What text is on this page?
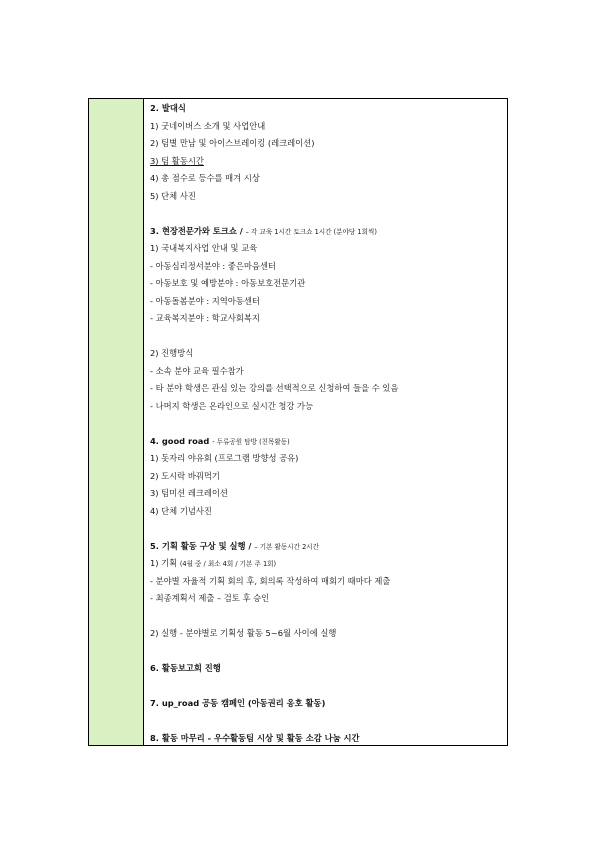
2. 발대식
1) 굿네이버스 소개 및 사업안내
2) 팀별 만남 및 아이스브레이킹 (레크레이션)
3) 팀 활동시간
4) 총 점수로 등수를 매겨 시상
5) 단체 사진
3. 현장전문가와 토크쇼 / – 각 교육 1시간 토크쇼 1시간 (분야당 1회씩)
1) 국내복지사업 안내 및 교육
- 아동심리정서분야 : 좋은마음센터
- 아동보호 및 예방분야 : 아동보호전문기관
- 아동돌봄분야 : 지역아동센터
- 교육복지분야 : 학교사회복지
2) 진행방식
- 소속 분야 교육 필수참가
- 타 분야 학생은 관심 있는 강의를 선택적으로 신청하여 들을 수 있음
- 나머지 학생은 온라인으로 실시간 청강 가능
4. good road - 두류공원 탐방 (친목활동)
1) 돗자리 야유회 (프로그램 방향성 공유)
2) 도시락 바꿔먹기
3) 팀미션 레크레이션
4) 단체 기념사진
5. 기획 활동 구상 및 실행 / – 기본 활동시간 2시간
1) 기획 (4월 중 / 최소 4회 / 기본 주 1회)
- 분야별 자율적 기획 회의 후, 회의록 작성하여 매회기 때마다 제출
- 최종계획서 제출 – 검토 후 승인
2) 실행 - 분야별로 기획성 활동 5~6월 사이에 실행
6. 활동보고회 진행
7. up_road 공동 캠페인 (아동권리 옹호 활동)
8. 활동 마무리 - 우수활동팀 시상 및 활동 소감 나눔 시간
